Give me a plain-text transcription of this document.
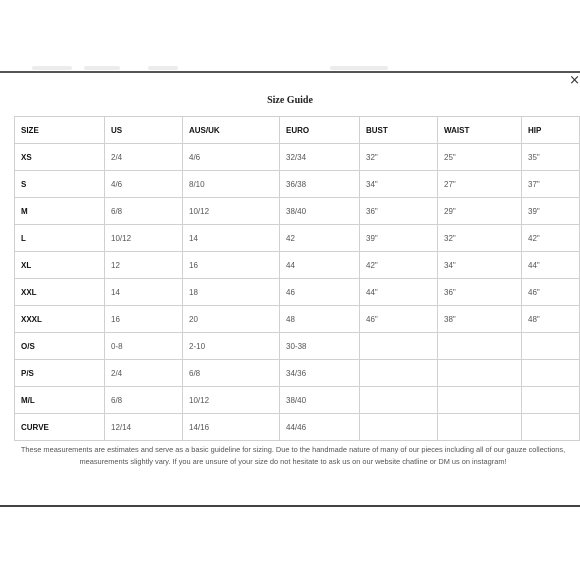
×
Size Guide
SIZE	US	AUS/UK	EURO	BUST	WAIST	HIP
XS	2/4	4/6	32/34	32"	25"	35"
S	4/6	8/10	36/38	34"	27"	37"
M	6/8	10/12	38/40	36"	29"	39"
L	10/12	14	42	39"	32"	42"
XL	12	16	44	42"	34"	44"
XXL	14	18	46	44"	36"	46"
XXXL	16	20	48	46"	38"	48"
O/S	0-8	2-10	30-38			
P/S	2/4	6/8	34/36			
M/L	6/8	10/12	38/40			
CURVE	12/14	14/16	44/46			
These measurements are estimates and serve as a basic guideline for sizing. Due to the handmade nature of many of our pieces including all of our gauze collections, measurements slightly vary. If you are unsure of your size do not hesitate to ask us on our website chatline or DM us on instagram!
